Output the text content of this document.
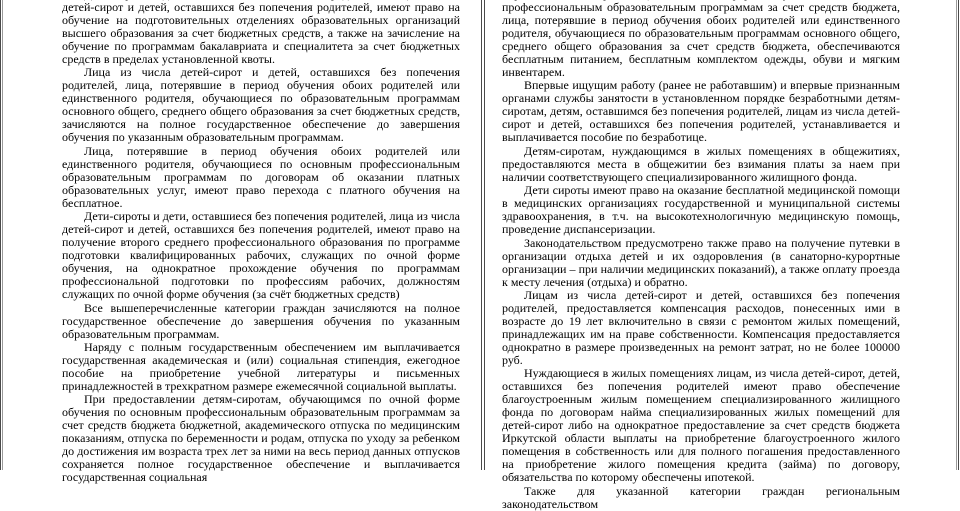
детей-сирот и детей, оставшихся без попечения родителей, имеют право на обучение на подготовительных отделениях образовательных организаций высшего образования за счет бюджетных средств, а также на зачисление на обучение по программам бакалавриата и специалитета за счет бюджетных средств в пределах установленной квоты.

Лица из числа детей-сирот и детей, оставшихся без попечения родителей, лица, потерявшие в период обучения обоих родителей или единственного родителя, обучающиеся по образовательным программам основного общего, среднего общего образования за счет бюджетных средств, зачисляются на полное государственное обеспечение до завершения обучения по указанным образовательным программам.

Лица, потерявшие в период обучения обоих родителей или единственного родителя, обучающиеся по основным профессиональным образовательным программам по договорам об оказании платных образовательных услуг, имеют право перехода с платного обучения на бесплатное.

Дети-сироты и дети, оставшиеся без попечения родителей, лица из числа детей-сирот и детей, оставшихся без попечения родителей, имеют право на получение второго среднего профессионального образования по программе подготовки квалифицированных рабочих, служащих по очной форме обучения, на однократное прохождение обучения по программам профессиональной подготовки по профессиям рабочих, должностям служащих по очной форме обучения (за счёт бюджетных средств)

Все вышеперечисленные категории граждан зачисляются на полное государственное обеспечение до завершения обучения по указанным образовательным программам.

Наряду с полным государственным обеспечением им выплачивается государственная академическая и (или) социальная стипендия, ежегодное пособие на приобретение учебной литературы и письменных принадлежностей в трехкратном размере ежемесячной социальной выплаты.

При предоставлении детям-сиротам, обучающимся по очной форме обучения по основным профессиональным образовательным программам за счет средств бюджета бюджетной, академического отпуска по медицинским показаниям, отпуска по беременности и родам, отпуска по уходу за ребенком до достижения им возраста трех лет за ними на весь период данных отпусков сохраняется полное государственное обеспечение и выплачивается государственная социальная

профессиональным образовательным программам за счет средств бюджета, лица, потерявшие в период обучения обоих родителей или единственного родителя, обучающиеся по образовательным программам основного общего, среднего общего образования за счет средств бюджета, обеспечиваются бесплатным питанием, бесплатным комплектом одежды, обуви и мягким инвентарем.

Впервые ищущим работу (ранее не работавшим) и впервые признанным органами службы занятости в установленном порядке безработными детям-сиротам, детям, оставшимся без попечения родителей, лицам из числа детей-сирот и детей, оставшихся без попечения родителей, устанавливается и выплачивается пособие по безработице.

Детям-сиротам, нуждающимся в жилых помещениях в общежитиях, предоставляются места в общежитии без взимания платы за наем при наличии соответствующего специализированного жилищного фонда.

Дети сироты имеют право на оказание бесплатной медицинской помощи в медицинских организациях государственной и муниципальной системы здравоохранения, в т.ч. на высокотехнологичную медицинскую помощь, проведение диспансеризации.

Законодательством предусмотрено также право на получение путевки в организации отдыха детей и их оздоровления (в санаторно-курортные организации – при наличии медицинских показаний), а также оплату проезда к месту лечения (отдыха) и обратно.

Лицам из числа детей-сирот и детей, оставшихся без попечения родителей, предоставляется компенсация расходов, понесенных ими в возрасте до 19 лет включительно в связи с ремонтом жилых помещений, принадлежащих им на праве собственности. Компенсация предоставляется однократно в размере произведенных на ремонт затрат, но не более 100000 руб.

Нуждающиеся в жилых помещениях лицам, из числа детей-сирот, детей, оставшихся без попечения родителей имеют право обеспечение благоустроенным жилым помещением специализированного жилищного фонда по договорам найма специализированных жилых помещений для детей-сирот либо на однократное предоставление за счет средств бюджета Иркутской области выплаты на приобретение благоустроенного жилого помещения в собственность или для полного погашения предоставленного на приобретение жилого помещения кредита (займа) по договору, обязательства по которому обеспечены ипотекой.

Также для указанной категории граждан региональным законодательством
